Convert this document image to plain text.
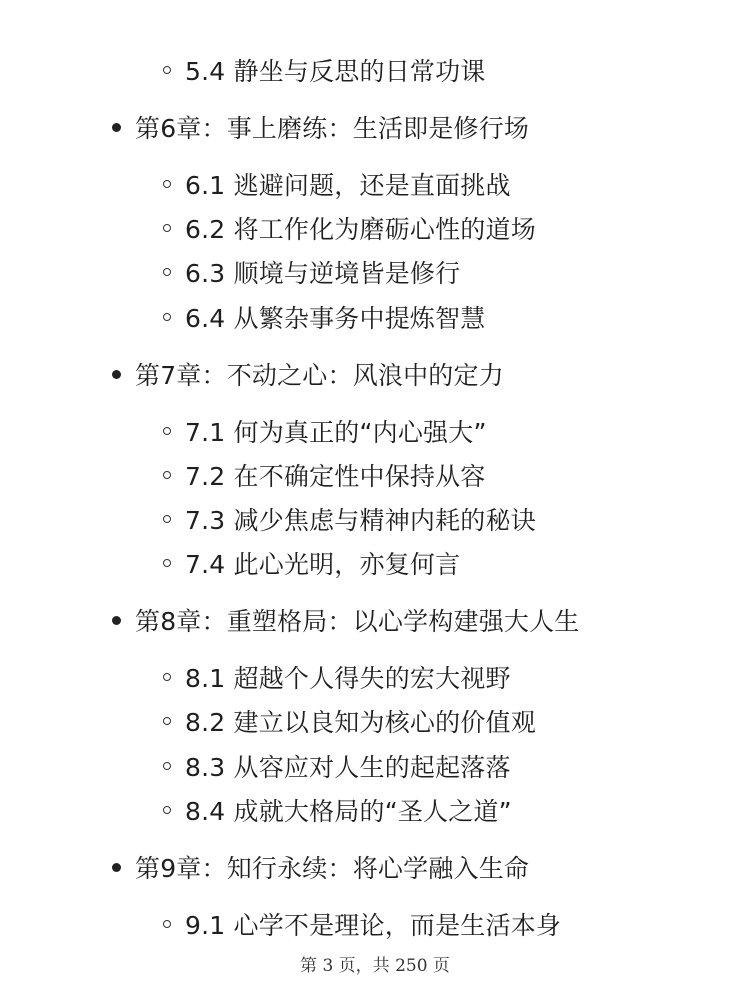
5.4 静坐与反思的日常功课
第6章：事上磨练：生活即是修行场
6.1 逃避问题，还是直面挑战
6.2 将工作化为磨砺心性的道场
6.3 顺境与逆境皆是修行
6.4 从繁杂事务中提炼智慧
第7章：不动之心：风浪中的定力
7.1 何为真正的“内心强大”
7.2 在不确定性中保持从容
7.3 减少焦虑与精神内耗的秘诀
7.4 此心光明，亦复何言
第8章：重塑格局：以心学构建强大人生
8.1 超越个人得失的宏大视野
8.2 建立以良知为核心的价值观
8.3 从容应对人生的起起落落
8.4 成就大格局的“圣人之道”
第9章：知行永续：将心学融入生命
9.1 心学不是理论，而是生活本身
第 3 页，共 250 页
